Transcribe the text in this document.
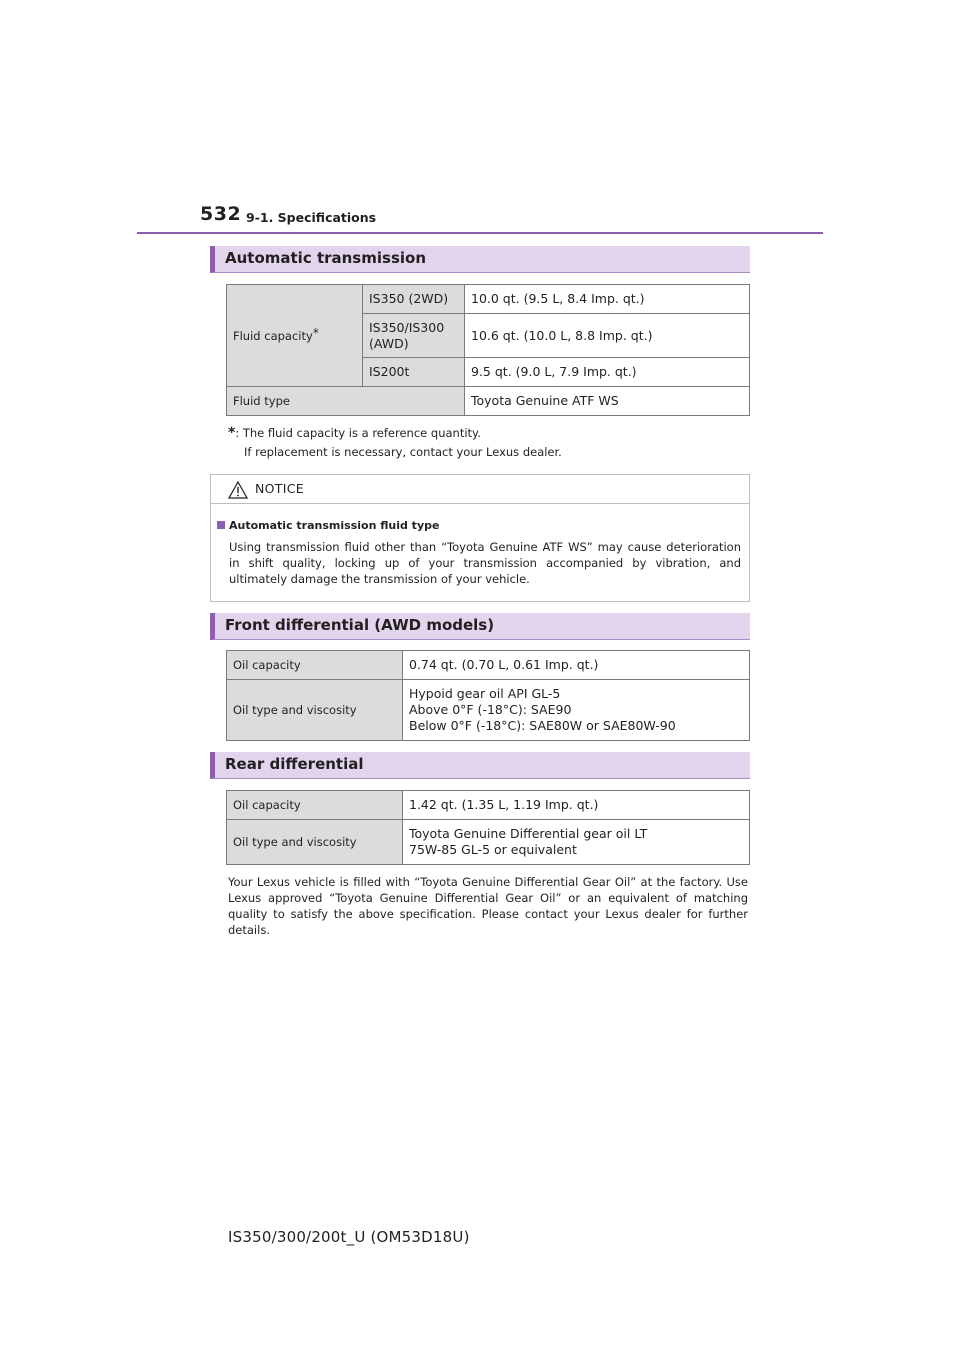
532 9-1. Specifications
Automatic transmission
Fluid capacity*	IS350 (2WD)	10.0 qt. (9.5 L, 8.4 Imp. qt.)
	IS350/IS300 (AWD)	10.6 qt. (10.0 L, 8.8 Imp. qt.)
	IS200t	9.5 qt. (9.0 L, 7.9 Imp. qt.)
Fluid type		Toyota Genuine ATF WS
*: The fluid capacity is a reference quantity.
If replacement is necessary, contact your Lexus dealer.
NOTICE
Automatic transmission fluid type
Using transmission fluid other than “Toyota Genuine ATF WS” may cause deterioration in shift quality, locking up of your transmission accompanied by vibration, and ultimately damage the transmission of your vehicle.
Front differential (AWD models)
Oil capacity	0.74 qt. (0.70 L, 0.61 Imp. qt.)
Oil type and viscosity	Hypoid gear oil API GL-5
Above 0°F (-18°C): SAE90
Below 0°F (-18°C): SAE80W or SAE80W-90
Rear differential
Oil capacity	1.42 qt. (1.35 L, 1.19 Imp. qt.)
Oil type and viscosity	Toyota Genuine Differential gear oil LT
75W-85 GL-5 or equivalent
Your Lexus vehicle is filled with “Toyota Genuine Differential Gear Oil” at the factory. Use Lexus approved “Toyota Genuine Differential Gear Oil” or an equivalent of matching quality to satisfy the above specification. Please contact your Lexus dealer for further details.
IS350/300/200t_U (OM53D18U)
